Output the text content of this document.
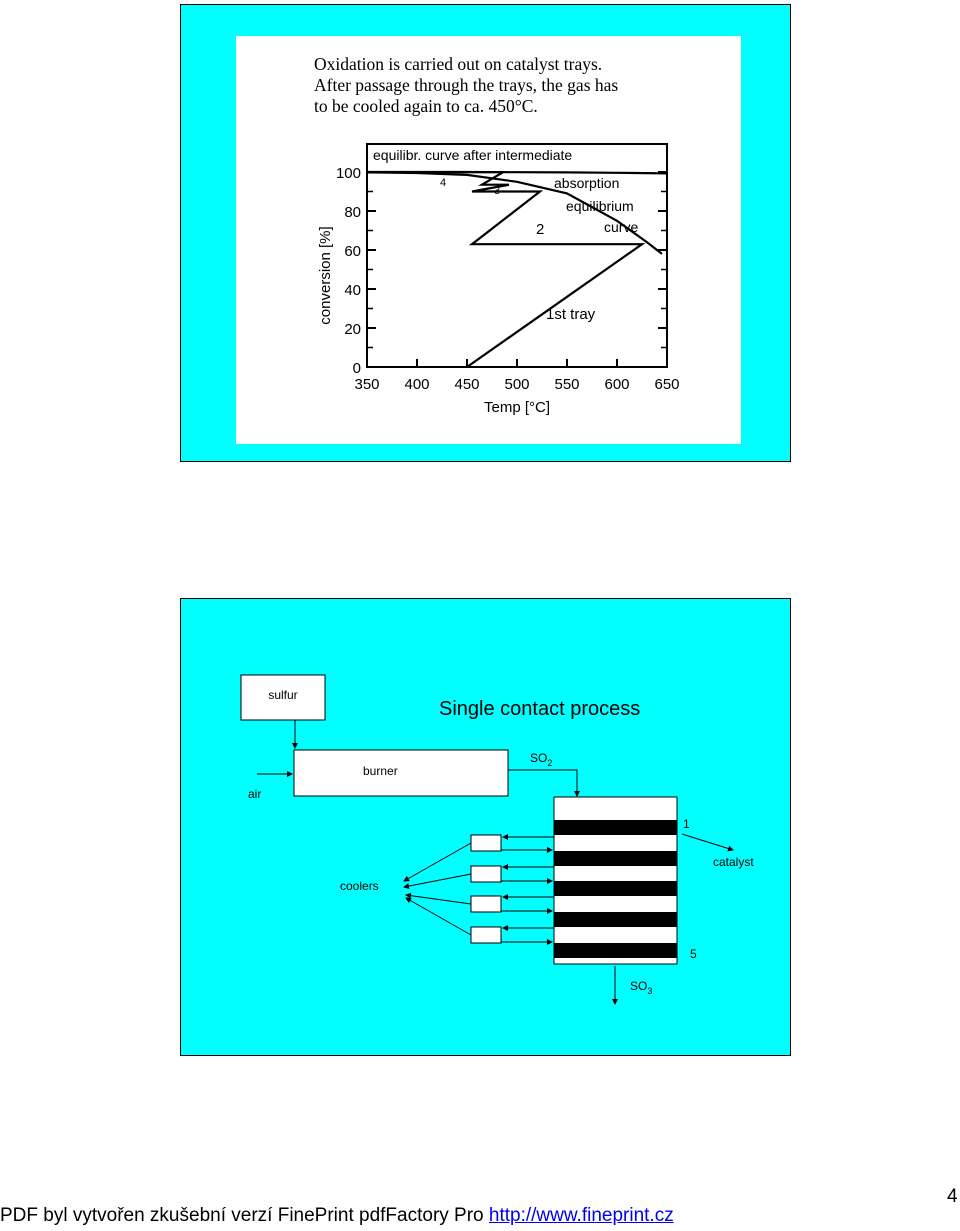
Oxidation is carried out on catalyst trays.
After passage through the trays, the gas has
to be cooled again to ca. 450°C.

0
20
40
60
80
100
350 400 450 500 550 600 650
Temp [°C]
conversion [%]
equilibr. curve after intermediate
absorption
equilibrium
curve
1st tray
2
3
4
Single contact process
sulfur
air
burner
$SO_2$
1
5
catalyst
coolers
$SO_3$
PDF byl vytvořen zkušební verzí FinePrint pdfFactory Pro http://www.fineprint.cz
4
